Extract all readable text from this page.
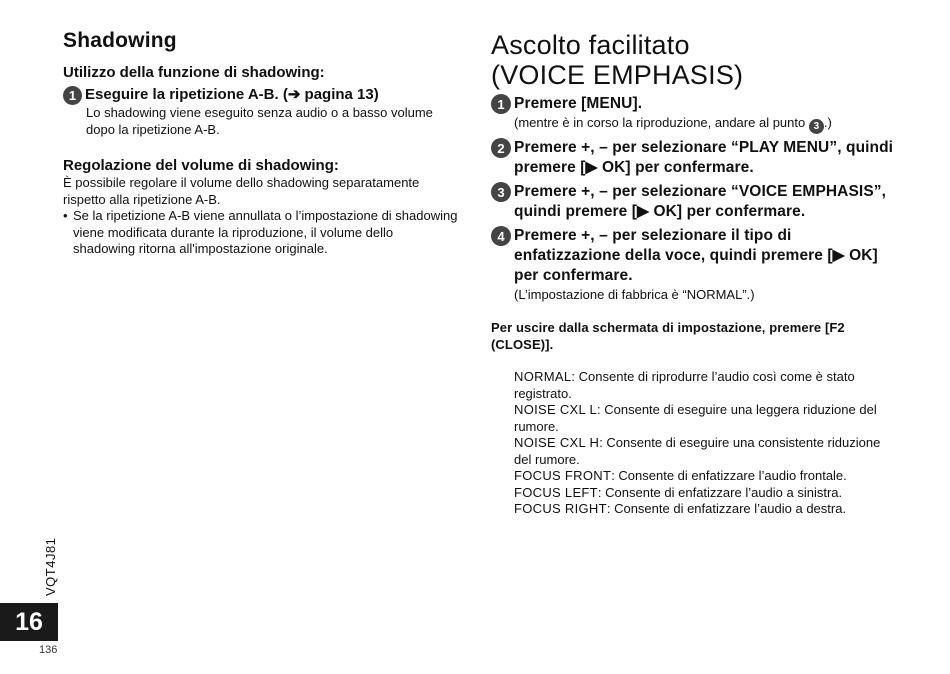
Shadowing
Utilizzo della funzione di shadowing:
1 Eseguire la ripetizione A-B. (➔ pagina 13)
Lo shadowing viene eseguito senza audio o a basso volume dopo la ripetizione A-B.
Regolazione del volume di shadowing:
È possibile regolare il volume dello shadowing separatamente rispetto alla ripetizione A-B.
• Se la ripetizione A-B viene annullata o l’impostazione di shadowing viene modificata durante la riproduzione, il volume dello shadowing ritorna all'impostazione originale.
Ascolto facilitato
(VOICE EMPHASIS)
1 Premere [MENU].
(mentre è in corso la riproduzione, andare al punto 3 .)
2 Premere +, – per selezionare “PLAY MENU”, quindi premere [▶ OK] per confermare.
3 Premere +, – per selezionare “VOICE EMPHASIS”, quindi premere [▶ OK] per confermare.
4 Premere +, – per selezionare il tipo di enfatizzazione della voce, quindi premere [▶ OK] per confermare.
(L’impostazione di fabbrica è “NORMAL”.)
Per uscire dalla schermata di impostazione, premere [F2 (CLOSE)].
NORMAL: Consente di riprodurre l’audio così come è stato registrato.
NOISE CXL L: Consente di eseguire una leggera riduzione del rumore.
NOISE CXL H: Consente di eseguire una consistente riduzione del rumore.
FOCUS FRONT: Consente di enfatizzare l’audio frontale.
FOCUS LEFT: Consente di enfatizzare l’audio a sinistra.
FOCUS RIGHT: Consente di enfatizzare l’audio a destra.
VQT4J81
16
136
